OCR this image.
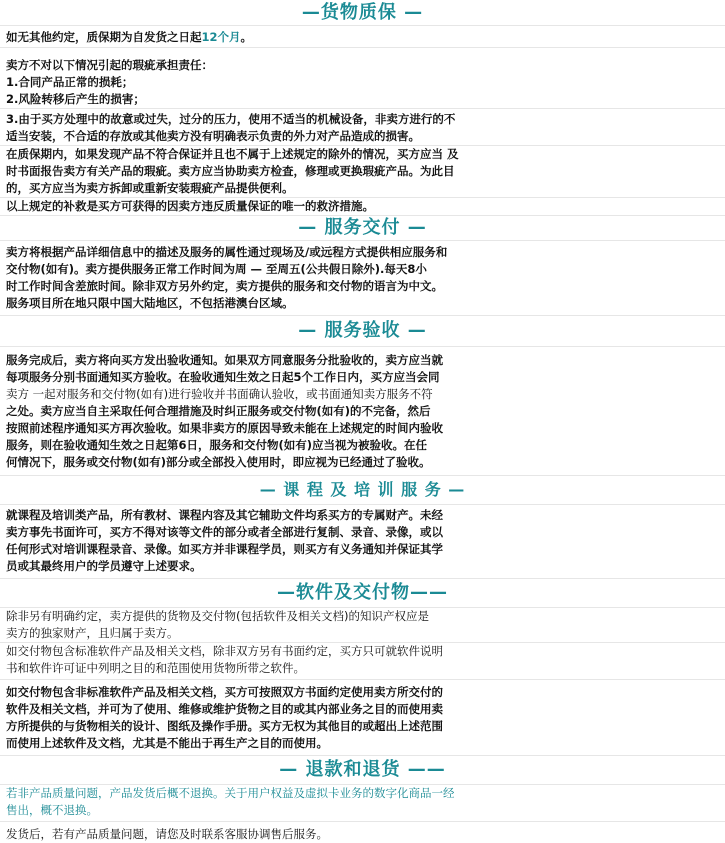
—货物质保 —
如无其他约定，质保期为自发货之日起12个月。
卖方不对以下情况引起的瑕疵承担责任：
1.合同产品正常的损耗；
2.风险转移后产生的损害；
3.由于买方处理中的故意或过失，过分的压力，使用不适当的机械设备，非卖方进行的不
适当安装，不合适的存放或其他卖方没有明确表示负责的外力对产品造成的损害。
在质保期内，如果发现产品不符合保证并且也不属于上述规定的除外的情况，买方应当 及
时书面报告卖方有关产品的瑕疵。卖方应当协助卖方检查，修理或更换瑕疵产品。为此目
的，买方应当为卖方拆卸或重新安装瑕疵产品提供便利。
以上规定的补救是买方可获得的因卖方违反质量保证的唯一的救济措施。
— 服务交付 —
卖方将根据产品详细信息中的描述及服务的属性通过现场及/或远程方式提供相应服务和
交付物(如有)。卖方提供服务正常工作时间为周 — 至周五(公共假日除外).每天8小
时工作时间含差旅时间。除非双方另外约定，卖方提供的服务和交付物的语言为中文。
服务项目所在地只限中国大陆地区，不包括港澳台区域。
— 服务验收 —
服务完成后，卖方将向买方发出验收通知。如果双方同意服务分批验收的，卖方应当就
每项服务分别书面通知买方验收。在验收通知生效之日起5个工作日内，买方应当会同
卖方 一起对服务和交付物(如有)进行验收并书面确认验收，或书面通知卖方服务不符
之处。卖方应当自主采取任何合理措施及时纠正服务或交付物(如有)的不完备，然后
按照前述程序通知买方再次验收。如果非卖方的原因导致未能在上述规定的时间内验收
服务，则在验收通知生效之日起第6日，服务和交付物(如有)应当视为被验收。在任
何情况下，服务或交付物(如有)部分或全部投入使用时，即应视为已经通过了验收。
— 课 程 及 培 训 服 务 —
就课程及培训类产品，所有教材、课程内容及其它辅助文件均系买方的专属财产。未经
卖方事先书面许可，买方不得对该等文件的部分或者全部进行复制、录音、录像，或以
任何形式对培训课程录音、录像。如买方并非课程学员，则买方有义务通知并保证其学
员或其最终用户的学员遵守上述要求。
—软件及交付物——
除非另有明确约定，卖方提供的货物及交付物(包括软件及相关文档)的知识产权应是
卖方的独家财产，且归属于卖方。
如交付物包含标准软件产品及相关文档，除非双方另有书面约定，买方只可就软件说明
书和软件许可证中列明之目的和范围使用货物所带之软件。
如交付物包含非标准软件产品及相关文档，买方可按照双方书面约定使用卖方所交付的
软件及相关文档，并可为了使用、维修或维护货物之目的或其内部业务之目的而使用卖
方所提供的与货物相关的设计、图纸及操作手册。买方无权为其他目的或超出上述范围
而使用上述软件及文档，尤其是不能出于再生产之目的而使用。
— 退款和退货 ——
若非产品质量问题，产品发货后概不退换。关于用户权益及虚拟卡业务的数字化商品一经
售出，概不退换。
发货后，若有产品质量问题，请您及时联系客服协调售后服务。
